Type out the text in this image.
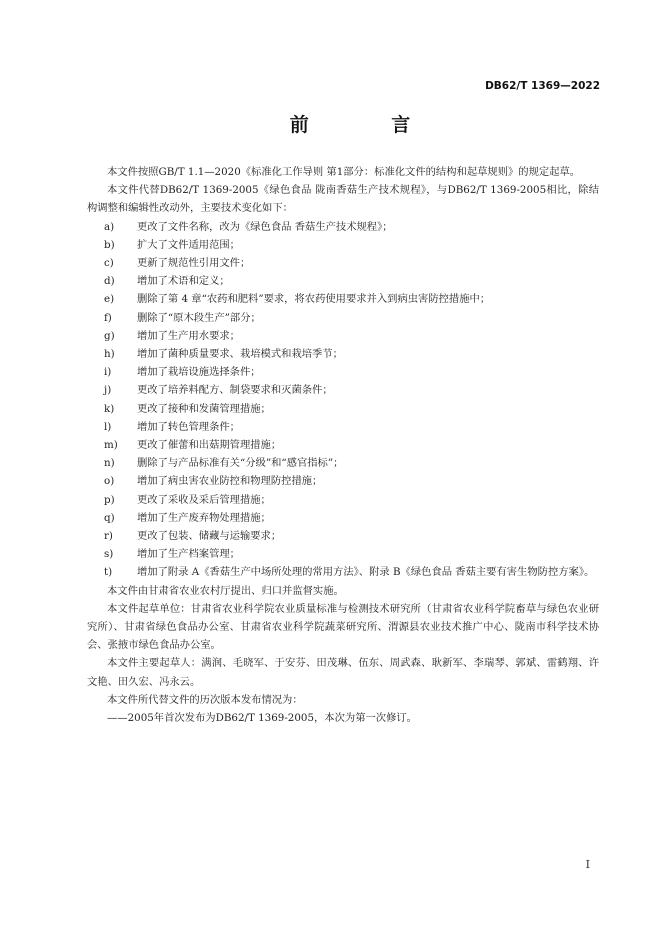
DB62/T 1369—2022
前 言

本文件按照GB/T 1.1—2020《标准化工作导则 第1部分：标准化文件的结构和起草规则》的规定起草。

本文件代替DB62/T 1369-2005《绿色食品 陇南香菇生产技术规程》，与DB62/T 1369-2005相比，除结构调整和编辑性改动外，主要技术变化如下：

a)	更改了文件名称，改为《绿色食品 香菇生产技术规程》；
b)	扩大了文件适用范围；
c)	更新了规范性引用文件；
d)	增加了术语和定义；
e)	删除了第 4 章“农药和肥料”要求，将农药使用要求并入到病虫害防控措施中；
f)	删除了“原木段生产”部分；
g)	增加了生产用水要求；
h)	增加了菌种质量要求、栽培模式和栽培季节；
i)	增加了栽培设施选择条件；
j)	更改了培养料配方、制袋要求和灭菌条件；
k)	更改了接种和发菌管理措施；
l)	增加了转色管理条件；
m)	更改了催蕾和出菇期管理措施；
n)	删除了与产品标准有关“分级”和“感官指标”；
o)	增加了病虫害农业防控和物理防控措施；
p)	更改了采收及采后管理措施；
q)	增加了生产废弃物处理措施；
r)	更改了包装、储藏与运输要求；
s)	增加了生产档案管理；
t)	增加了附录 A《香菇生产中场所处理的常用方法》、附录 B《绿色食品 香菇主要有害生物防控方案》。

本文件由甘肃省农业农村厅提出、归口并监督实施。

本文件起草单位：甘肃省农业科学院农业质量标准与检测技术研究所（甘肃省农业科学院畜草与绿色农业研究所）、甘肃省绿色食品办公室、甘肃省农业科学院蔬菜研究所、渭源县农业技术推广中心、陇南市科学技术协会、张掖市绿色食品办公室。

本文件主要起草人：满润、毛晓军、于安芬、田茂琳、伍东、周武森、耿新军、李瑞琴、郭斌、雷鹤翔、许文艳、田久宏、冯永云。

本文件所代替文件的历次版本发布情况为：

——2005年首次发布为DB62/T 1369-2005，本次为第一次修订。

I
